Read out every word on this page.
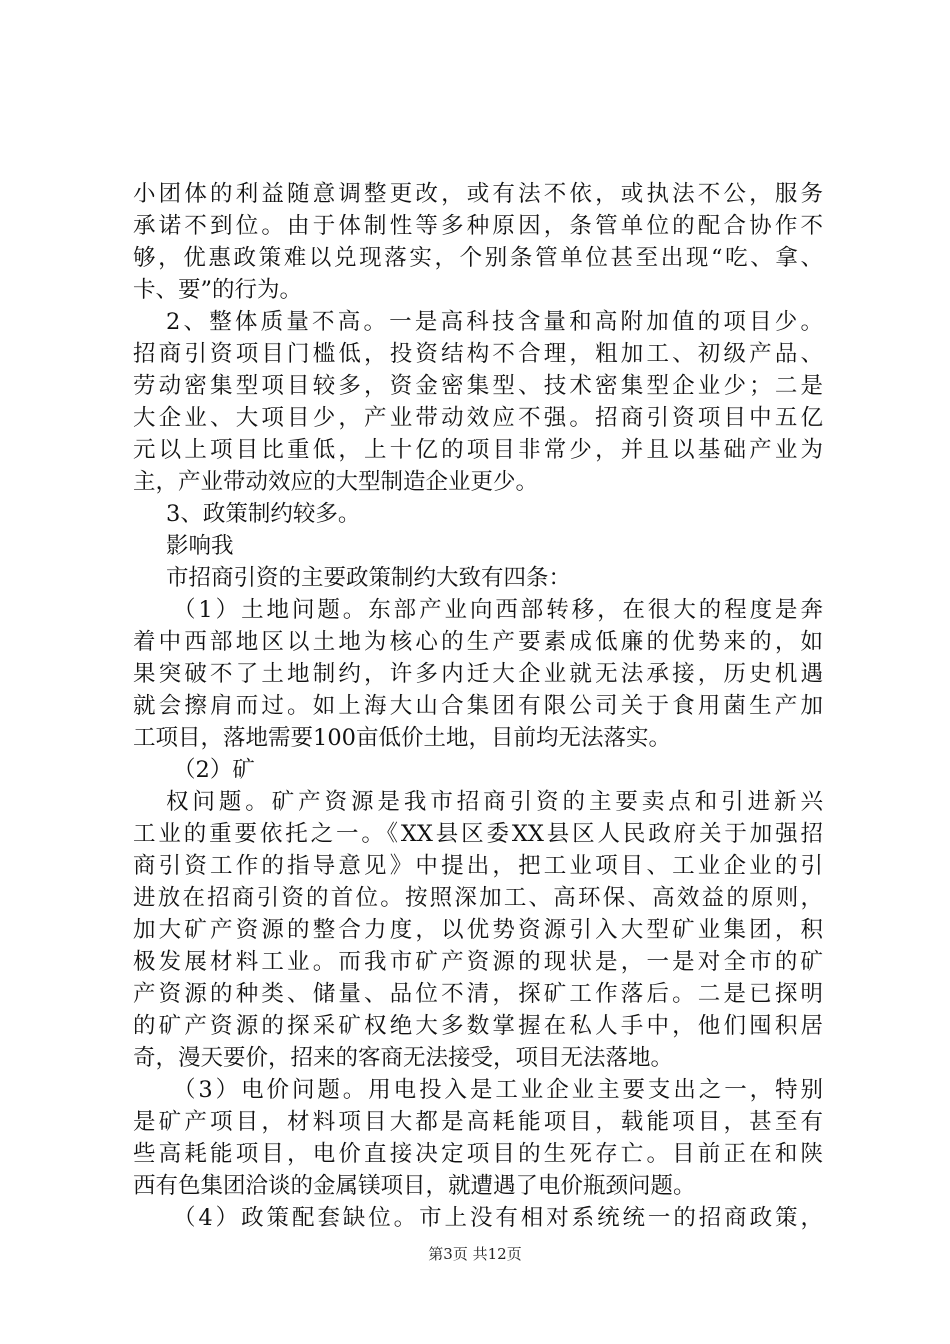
小团体的利益随意调整更改，或有法不依，或执法不公，服务
承诺不到位。由于体制性等多种原因，条管单位的配合协作不
够，优惠政策难以兑现落实，个别条管单位甚至出现“吃、拿、
卡、要”的行为。
2、整体质量不高。一是高科技含量和高附加值的项目少。
招商引资项目门槛低，投资结构不合理，粗加工、初级产品、
劳动密集型项目较多，资金密集型、技术密集型企业少；二是
大企业、大项目少，产业带动效应不强。招商引资项目中五亿
元以上项目比重低，上十亿的项目非常少，并且以基础产业为
主，产业带动效应的大型制造企业更少。
3、政策制约较多。
影响我
市招商引资的主要政策制约大致有四条：
（1）土地问题。东部产业向西部转移，在很大的程度是奔
着中西部地区以土地为核心的生产要素成低廉的优势来的，如
果突破不了土地制约，许多内迁大企业就无法承接，历史机遇
就会擦肩而过。如上海大山合集团有限公司关于食用菌生产加
工项目，落地需要100亩低价土地，目前均无法落实。
（2）矿
权问题。矿产资源是我市招商引资的主要卖点和引进新兴
工业的重要依托之一。《XX县区委XX县区人民政府关于加强招
商引资工作的指导意见》中提出，把工业项目、工业企业的引
进放在招商引资的首位。按照深加工、高环保、高效益的原则，
加大矿产资源的整合力度，以优势资源引入大型矿业集团，积
极发展材料工业。而我市矿产资源的现状是，一是对全市的矿
产资源的种类、储量、品位不清，探矿工作落后。二是已探明
的矿产资源的探采矿权绝大多数掌握在私人手中，他们囤积居
奇，漫天要价，招来的客商无法接受，项目无法落地。
（3）电价问题。用电投入是工业企业主要支出之一，特别
是矿产项目，材料项目大都是高耗能项目，载能项目，甚至有
些高耗能项目，电价直接决定项目的生死存亡。目前正在和陕
西有色集团洽谈的金属镁项目，就遭遇了电价瓶颈问题。
（4）政策配套缺位。市上没有相对系统统一的招商政策，
第3页 共12页
